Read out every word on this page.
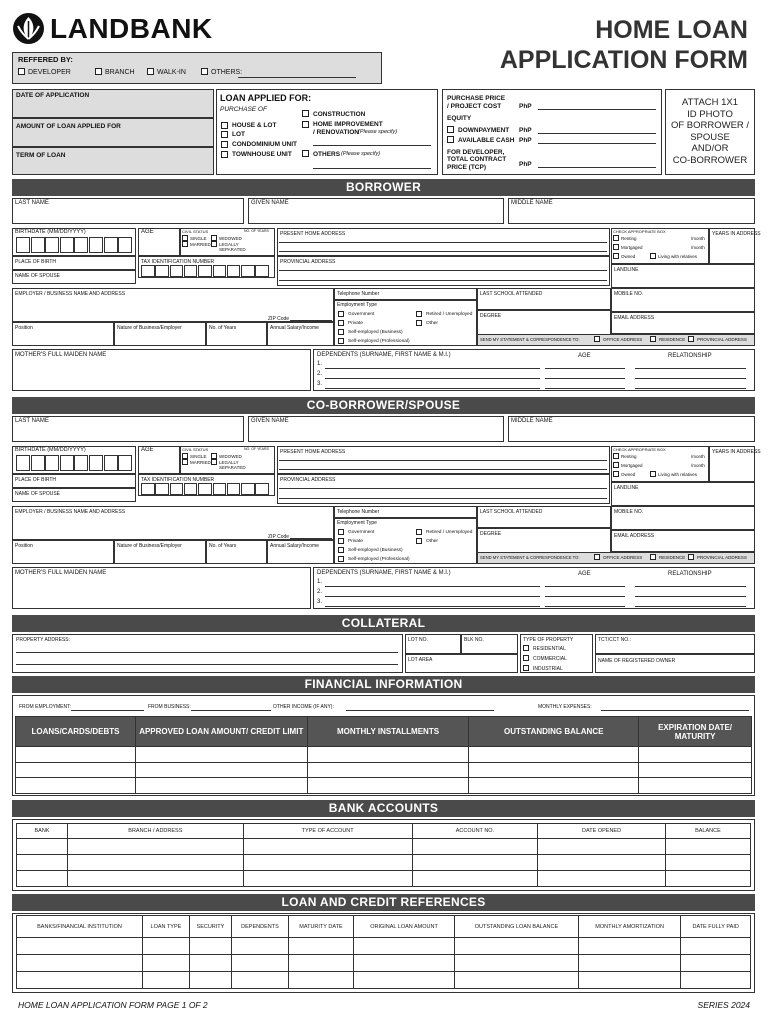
LANDBANK	HOME LOAN
APPLICATION FORM
REFFERED BY:
DEVELOPER	BRANCH	WALK-IN	OTHERS:
DATE OF APPLICATION
AMOUNT OF LOAN APPLIED FOR
TERM OF LOAN
LOAN APPLIED FOR:
PURCHASE OF
HOUSE & LOT
LOT
CONDOMINIUM UNIT
TOWNHOUSE UNIT
CONSTRUCTION
HOME IMPROVEMENT
/ RENOVATION (Please specify)
OTHERS (Please specify)
PURCHASE PRICE
/ PROJECT COST	PhP
EQUITY
DOWNPAYMENT PhP
AVAILABLE CASH PhP
FOR DEVELOPER,
TOTAL CONTRACT
PRICE (TCP)	PhP
ATTACH 1X1
ID PHOTO
OF BORROWER /
SPOUSE
AND/OR
CO-BORROWER
BORROWER
LAST NAME	GIVEN NAME	MIDDLE NAME
BIRTHDATE (MM/DD/YYYY)	AGE	CIVIL STATUS	NO. OF YEARS
SINGLE
MARRIED
WIDOWED
LEGALLY
SEPARATED
PRESENT HOME ADDRESS	CHECK APPROPRIATE BOX
Renting	/month
Mortgaged	/month
Owned	Living with relatives
YEARS IN ADDRESS
PLACE OF BIRTH	TAX IDENTIFICATION NUMBER
NAME OF SPOUSE
PROVINCIAL ADDRESS
LANDLINE
EMPLOYER / BUSINESS NAME AND ADDRESS
ZIP Code
Telephone Number
Employment Type
Government
Private
Self-employed (Business)
Self-employed (Professional)
Retired / Unemployed
Other
LAST SCHOOL ATTENDED
DEGREE
MOBILE NO.
EMAIL ADDRESS
Position	Nature of Business/Employer	No. of Years	Annual Salary/Income
SEND MY STATEMENT & CORRESPONDENCE TO:	OFFICE ADDRESS	RESIDENCE	PROVINCIAL ADDRESS
MOTHER'S FULL MAIDEN NAME	DEPENDENTS (SURNAME, FIRST NAME & M.I.)	AGE	RELATIONSHIP
1.
2.
3.
CO-BORROWER/SPOUSE
LAST NAME	GIVEN NAME	MIDDLE NAME
BIRTHDATE (MM/DD/YYYY)	AGE	CIVIL STATUS	NO. OF YEARS
SINGLE
MARRIED
WIDOWED
LEGALLY
SEPARATED
PRESENT HOME ADDRESS	CHECK APPROPRIATE BOX
Renting	/month
Mortgaged	/month
Owned	Living with relatives
YEARS IN ADDRESS
PLACE OF BIRTH	TAX IDENTIFICATION NUMBER
NAME OF SPOUSE
PROVINCIAL ADDRESS
LANDLINE
EMPLOYER / BUSINESS NAME AND ADDRESS
ZIP Code
Telephone Number
Employment Type
Government
Private
Self-employed (Business)
Self-employed (Professional)
Retired / Unemployed
Other
LAST SCHOOL ATTENDED
DEGREE
MOBILE NO.
EMAIL ADDRESS
Position	Nature of Business/Employer	No. of Years	Annual Salary/Income
SEND MY STATEMENT & CORRESPONDENCE TO:	OFFICE ADDRESS	RESIDENCE	PROVINCIAL ADDRESS
MOTHER'S FULL MAIDEN NAME	DEPENDENTS (SURNAME, FIRST NAME & M.I.)	AGE	RELATIONSHIP
1.
2.
3.
COLLATERAL
PROPERTY ADDRESS:	LOT NO.	BLK NO.
LOT AREA
TYPE OF PROPERTY
RESIDENTIAL
COMMERCIAL
INDUSTRIAL
TCT/CCT NO.:
NAME OF REGISTERED OWNER
FINANCIAL INFORMATION
FROM EMPLOYMENT:	FROM BUSINESS:	OTHER INCOME (IF ANY):	MONTHLY EXPENSES:
LOANS/CARDS/DEBTS	APPROVED LOAN AMOUNT/ CREDIT LIMIT	MONTHLY INSTALLMENTS	OUTSTANDING BALANCE	EXPIRATION DATE/ MATURITY

BANK ACCOUNTS
BANK	BRANCH / ADDRESS	TYPE OF ACCOUNT	ACCOUNT NO.	DATE OPENED	BALANCE

LOAN AND CREDIT REFERENCES
BANKS/FINANCIAL INSTITUTION	LOAN TYPE	SECURITY	DEPENDENTS	MATURITY DATE	ORIGINAL LOAN AMOUNT	OUTSTANDING LOAN BALANCE	MONTHLY AMORTIZATION	DATE FULLY PAID

HOME LOAN APPLICATION FORM PAGE 1 OF 2	SERIES 2024
